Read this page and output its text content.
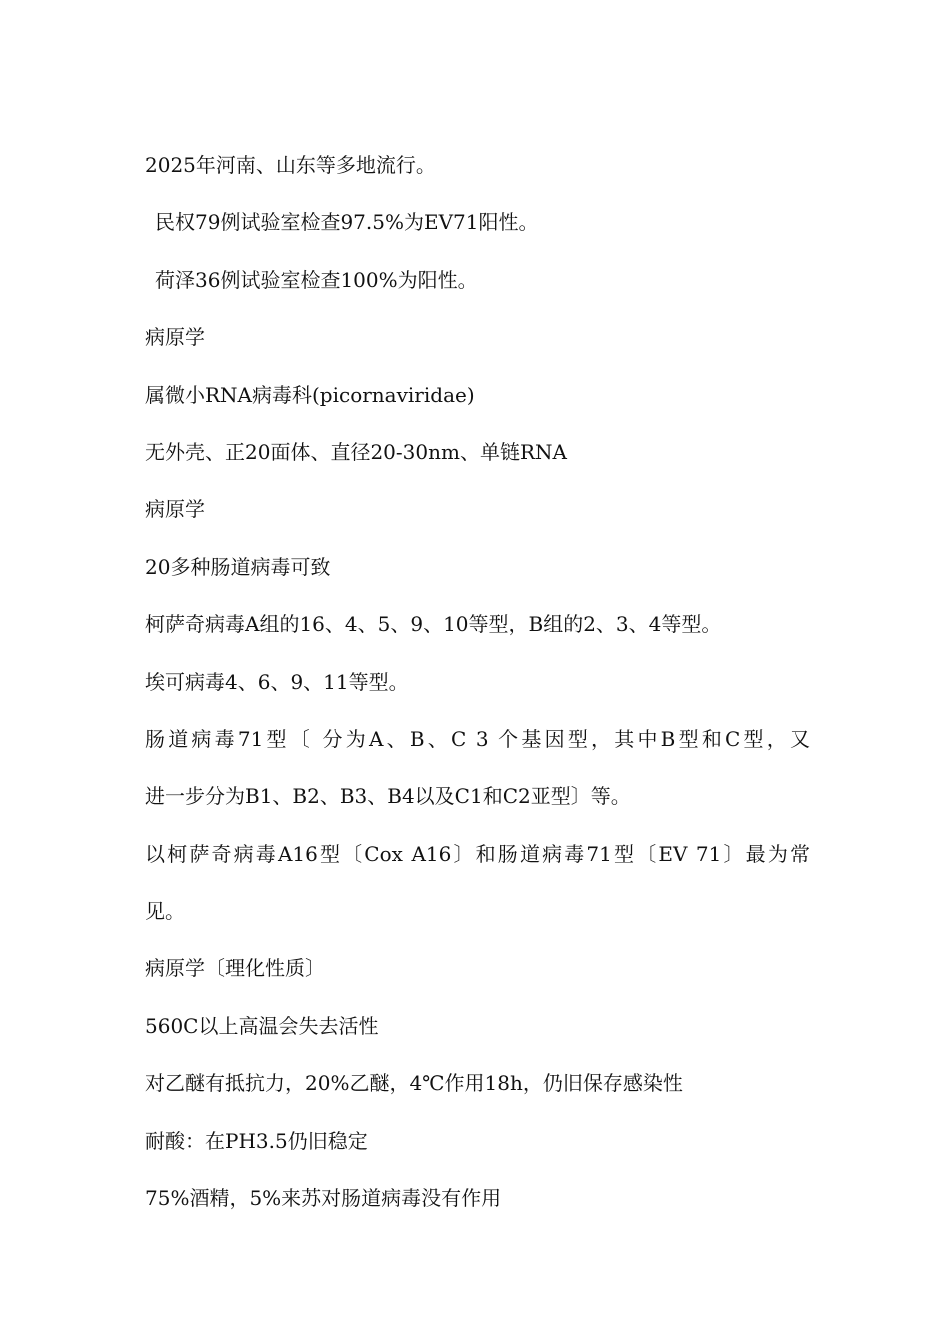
2025年河南、山东等多地流行。
民权79例试验室检查97.5%为EV71阳性。
荷泽36例试验室检查100%为阳性。
病原学
属微小RNA病毒科(picornaviridae)
无外壳、正20面体、直径20-30nm、单链RNA
病原学
20多种肠道病毒可致
柯萨奇病毒A组的16、4、5、9、10等型，B组的2、3、4等型。
埃可病毒4、6、9、11等型。
肠道病毒71型〔 分为A、B、C 3 个基因型，其中B型和C型，又
进一步分为B1、B2、B3、B4以及C1和C2亚型〕等。
以柯萨奇病毒A16型〔Cox A16〕和肠道病毒71型〔EV 71〕最为常
见。
病原学〔理化性质〕
560C以上高温会失去活性
对乙醚有抵抗力，20%乙醚，4℃作用18h，仍旧保存感染性
耐酸：在PH3.5仍旧稳定
75%酒精，5%来苏对肠道病毒没有作用
